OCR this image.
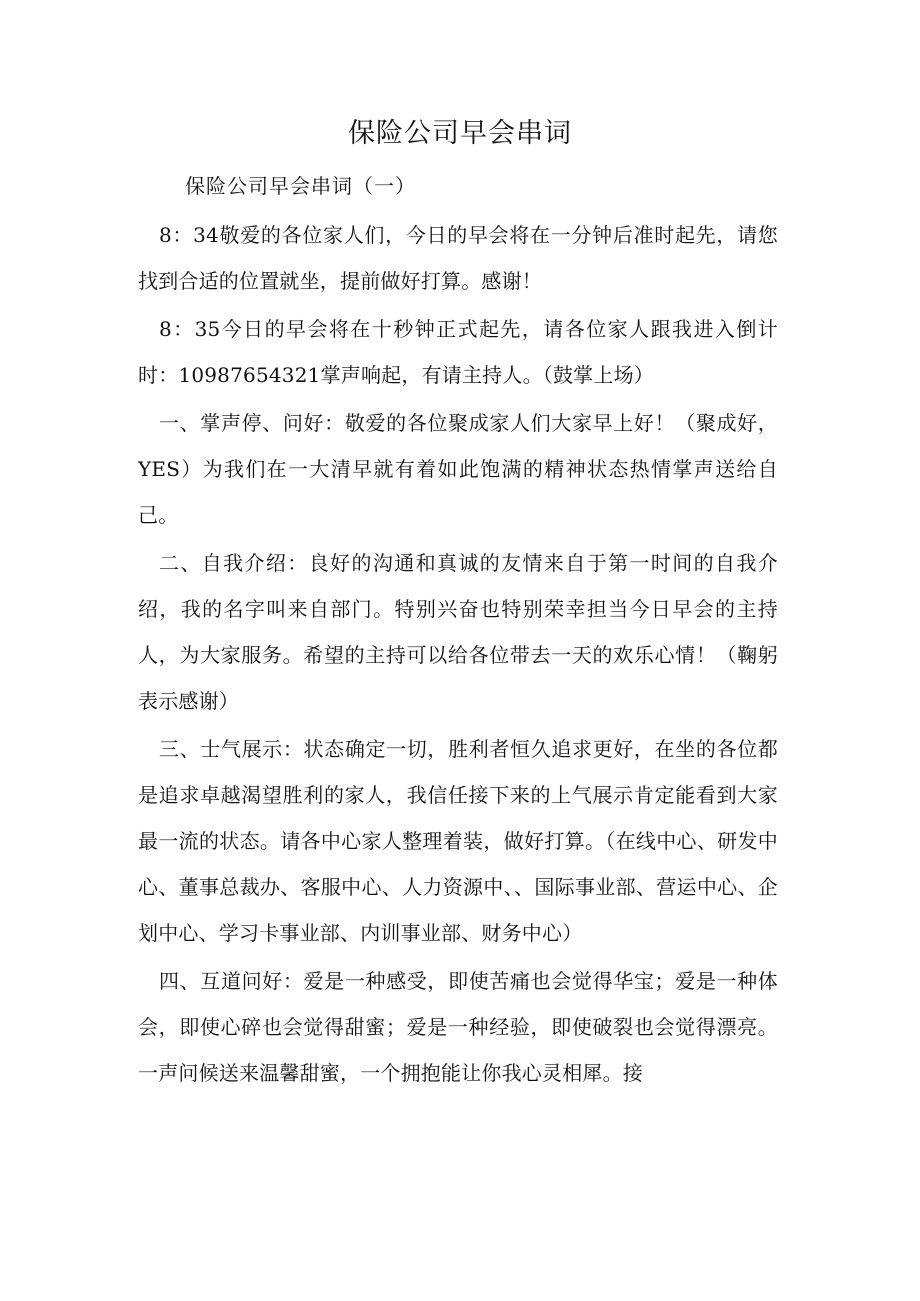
保险公司早会串词
保险公司早会串词（一）

8：34敬爱的各位家人们，今日的早会将在一分钟后准时起先，请您找到合适的位置就坐，提前做好打算。感谢！

8：35今日的早会将在十秒钟正式起先，请各位家人跟我进入倒计时：10987654321掌声响起，有请主持人。（鼓掌上场）

一、掌声停、问好：敬爱的各位聚成家人们大家早上好！（聚成好，YES）为我们在一大清早就有着如此饱满的精神状态热情掌声送给自己。

二、自我介绍：良好的沟通和真诚的友情来自于第一时间的自我介绍，我的名字叫来自部门。特别兴奋也特别荣幸担当今日早会的主持人，为大家服务。希望的主持可以给各位带去一天的欢乐心情！（鞠躬表示感谢）

三、士气展示：状态确定一切，胜利者恒久追求更好，在坐的各位都是追求卓越渴望胜利的家人，我信任接下来的上气展示肯定能看到大家最一流的状态。请各中心家人整理着装，做好打算。（在线中心、研发中心、董事总裁办、客服中心、人力资源中、、国际事业部、营运中心、企划中心、学习卡事业部、内训事业部、财务中心）

四、互道问好：爱是一种感受，即使苦痛也会觉得华宝；爱是一种体会，即使心碎也会觉得甜蜜；爱是一种经验，即使破裂也会觉得漂亮。一声问候送来温馨甜蜜，一个拥抱能让你我心灵相犀。接
